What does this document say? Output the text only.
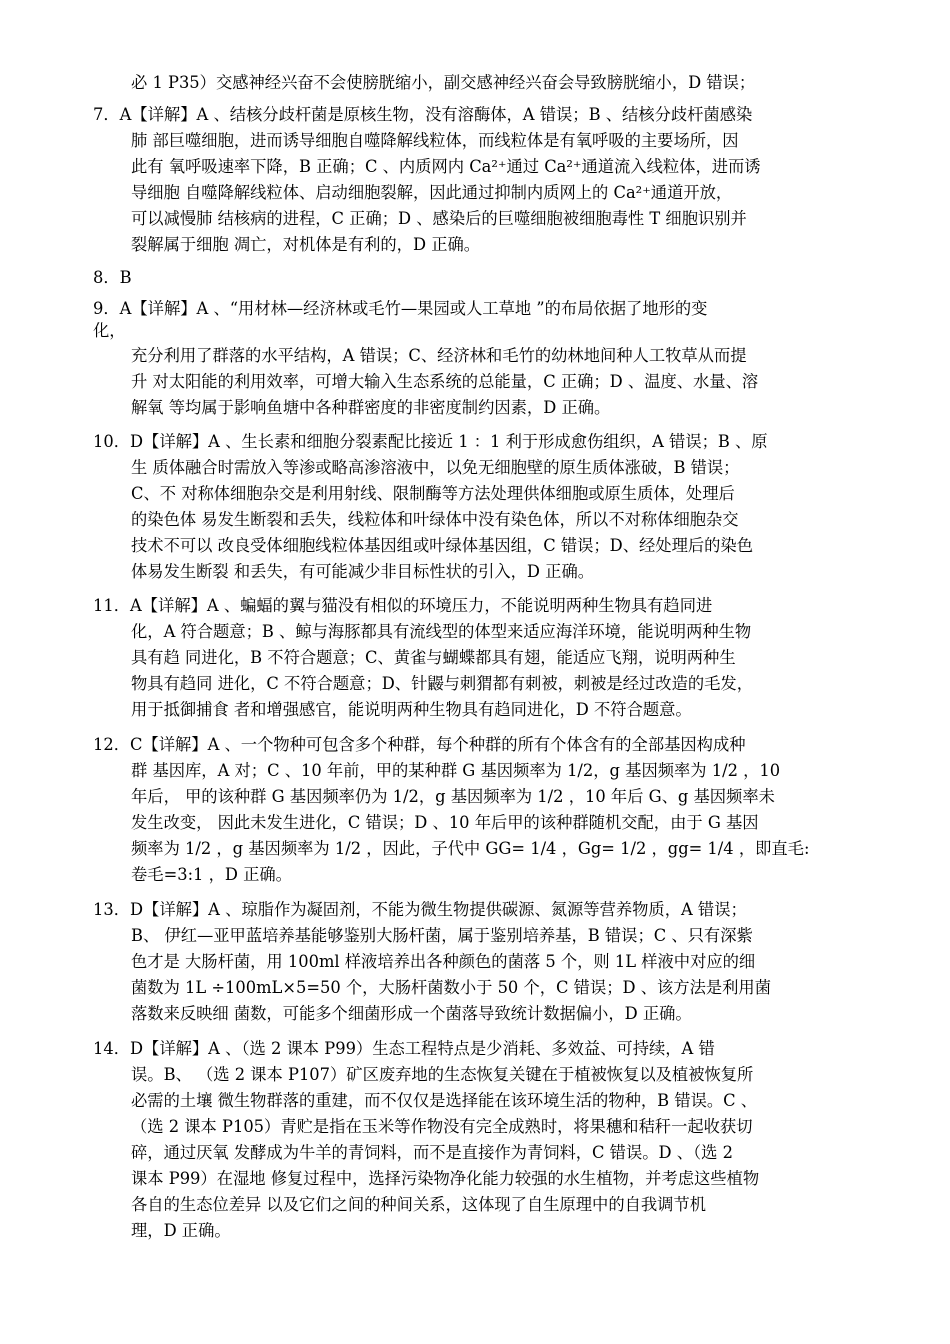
必 1 P35）交感神经兴奋不会使膀胱缩小，副交感神经兴奋会导致膀胱缩小，D 错误；
7．A【详解】A 、结核分歧杆菌是原核生物，没有溶酶体，A 错误；B 、结核分歧杆菌感染
肺 部巨噬细胞，进而诱导细胞自噬降解线粒体，而线粒体是有氧呼吸的主要场所，因
此有 氧呼吸速率下降，B 正确；C 、内质网内 Ca²⁺通过 Ca²⁺通道流入线粒体，进而诱
导细胞 自噬降解线粒体、启动细胞裂解，因此通过抑制内质网上的 Ca²⁺通道开放，
可以减慢肺 结核病的进程，C 正确；D 、感染后的巨噬细胞被细胞毒性 T 细胞识别并
裂解属于细胞 凋亡，对机体是有利的，D 正确。
8．B
9．A【详解】A 、“用材林—经济林或毛竹—果园或人工草地 ”的布局依据了地形的变
化，
充分利用了群落的水平结构，A 错误；C、经济林和毛竹的幼林地间种人工牧草从而提
升 对太阳能的利用效率，可增大输入生态系统的总能量，C 正确；D 、温度、水量、溶
解氧 等均属于影响鱼塘中各种群密度的非密度制约因素，D 正确。
10．D【详解】A 、生长素和细胞分裂素配比接近 1 ：1 利于形成愈伤组织，A 错误；B 、原
生 质体融合时需放入等渗或略高渗溶液中，以免无细胞壁的原生质体涨破，B 错误；
C、不 对称体细胞杂交是利用射线、限制酶等方法处理供体细胞或原生质体，处理后
的染色体 易发生断裂和丢失，线粒体和叶绿体中没有染色体，所以不对称体细胞杂交
技术不可以 改良受体细胞线粒体基因组或叶绿体基因组，C 错误；D、经处理后的染色
体易发生断裂 和丢失，有可能减少非目标性状的引入，D 正确。
11．A【详解】A 、蝙蝠的翼与猫没有相似的环境压力，不能说明两种生物具有趋同进
化，A 符合题意；B 、鲸与海豚都具有流线型的体型来适应海洋环境，能说明两种生物
具有趋 同进化，B 不符合题意；C、黄雀与蝴蝶都具有翅，能适应飞翔，说明两种生
物具有趋同 进化，C 不符合题意；D、针鼹与刺猬都有刺被，刺被是经过改造的毛发，
用于抵御捕食 者和增强感官，能说明两种生物具有趋同进化，D 不符合题意。
12．C【详解】A 、一个物种可包含多个种群，每个种群的所有个体含有的全部基因构成种
群 基因库，A 对；C 、10 年前，甲的某种群 G 基因频率为 1/2，g 基因频率为 1/2 ，10
年后， 甲的该种群 G 基因频率仍为 1/2，g 基因频率为 1/2 ，10 年后 G、g 基因频率未
发生改变， 因此未发生进化，C 错误；D 、10 年后甲的该种群随机交配，由于 G 基因
频率为 1/2 ，g 基因频率为 1/2 ，因此，子代中 GG= 1/4 ，Gg= 1/2 ，gg= 1/4 ，即直毛:
卷毛=3:1 ，D 正确。
13．D【详解】A 、琼脂作为凝固剂，不能为微生物提供碳源、氮源等营养物质，A 错误；
B、 伊红—亚甲蓝培养基能够鉴别大肠杆菌，属于鉴别培养基，B 错误；C 、只有深紫
色才是 大肠杆菌，用 100ml 样液培养出各种颜色的菌落 5 个，则 1L 样液中对应的细
菌数为 1L ÷100mL×5=50 个，大肠杆菌数小于 50 个，C 错误；D 、该方法是利用菌
落数来反映细 菌数，可能多个细菌形成一个菌落导致统计数据偏小，D 正确。
14．D【详解】A 、（选 2 课本 P99）生态工程特点是少消耗、多效益、可持续，A 错
误。B、 （选 2 课本 P107）矿区废弃地的生态恢复关键在于植被恢复以及植被恢复所
必需的土壤 微生物群落的重建，而不仅仅是选择能在该环境生活的物种，B 错误。C 、
（选 2 课本 P105）青贮是指在玉米等作物没有完全成熟时，将果穗和秸秆一起收获切
碎，通过厌氧 发酵成为牛羊的青饲料，而不是直接作为青饲料，C 错误。D 、（选 2
课本 P99）在湿地 修复过程中，选择污染物净化能力较强的水生植物，并考虑这些植物
各自的生态位差异 以及它们之间的种间关系，这体现了自生原理中的自我调节机
理，D 正确。
